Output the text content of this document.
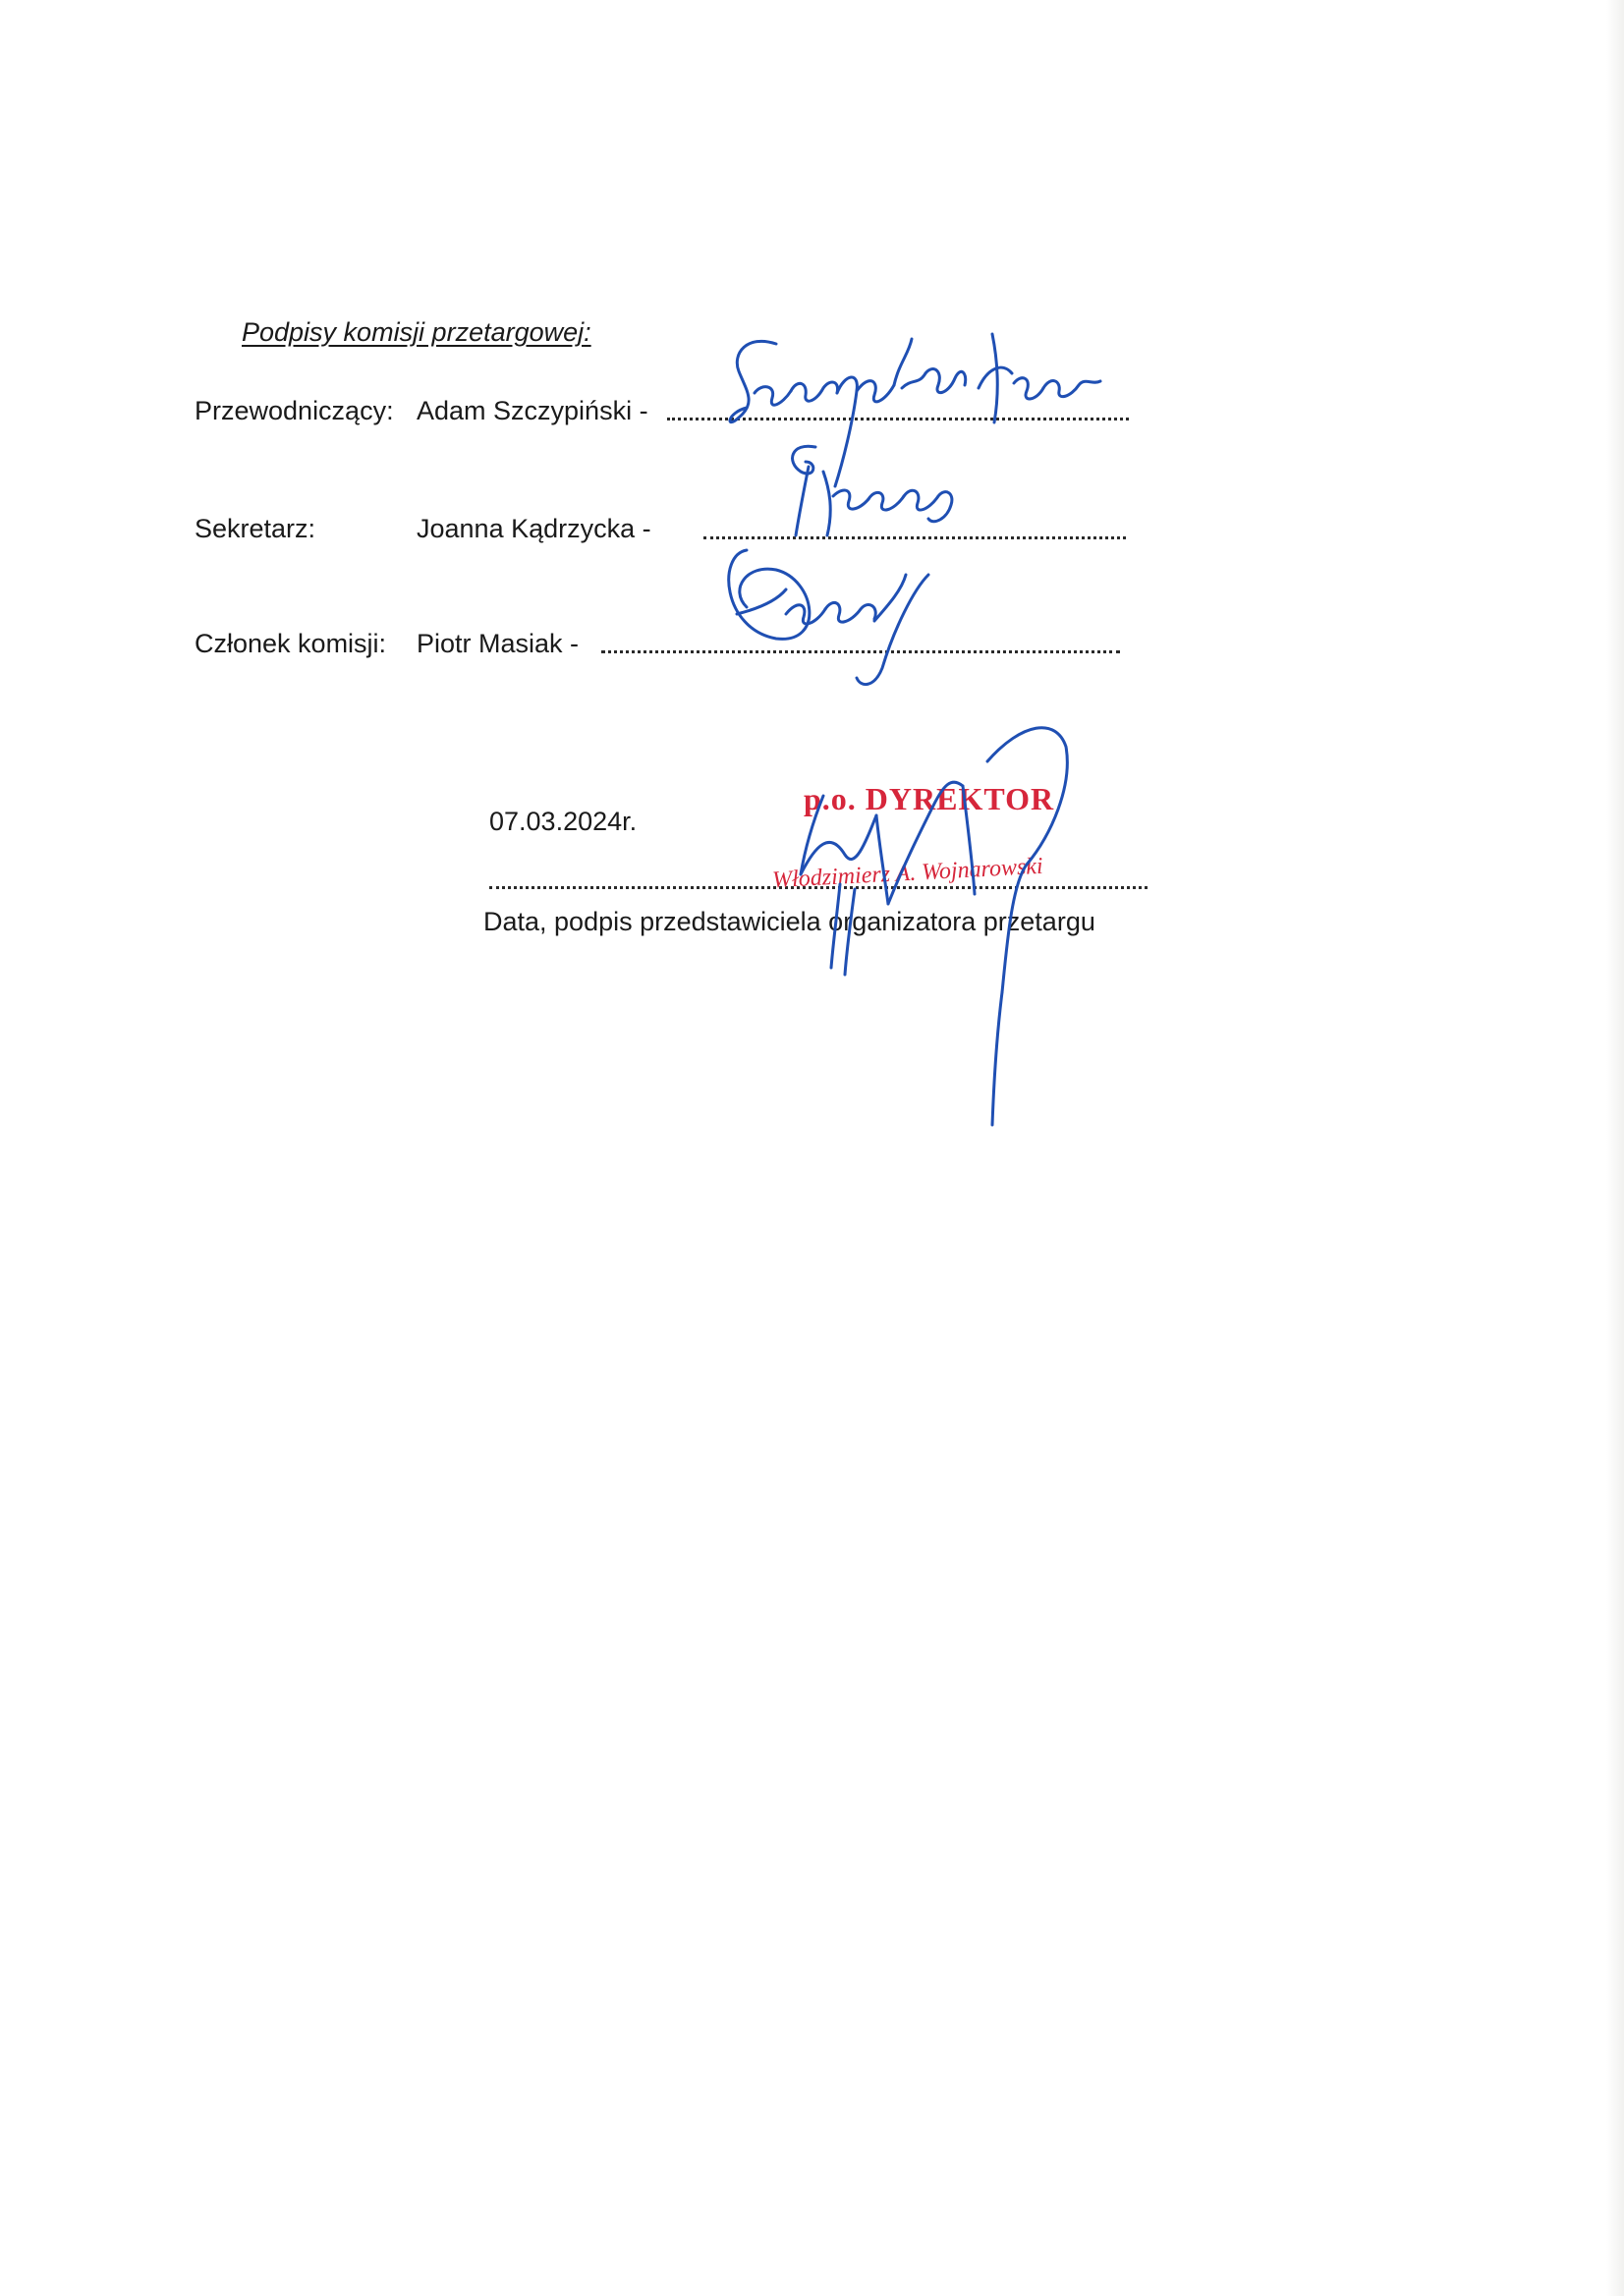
Podpisy komisji przetargowej:
Przewodniczący: Adam Szczypiński -
Sekretarz:	Joanna Kądrzycka -
Członek komisji: Piotr Masiak -
07.03.2024r.
Data, podpis przedstawiciela organizatora przetargu
p.o. DYREKTOR
Włodzimierz A. Wojnarowski
